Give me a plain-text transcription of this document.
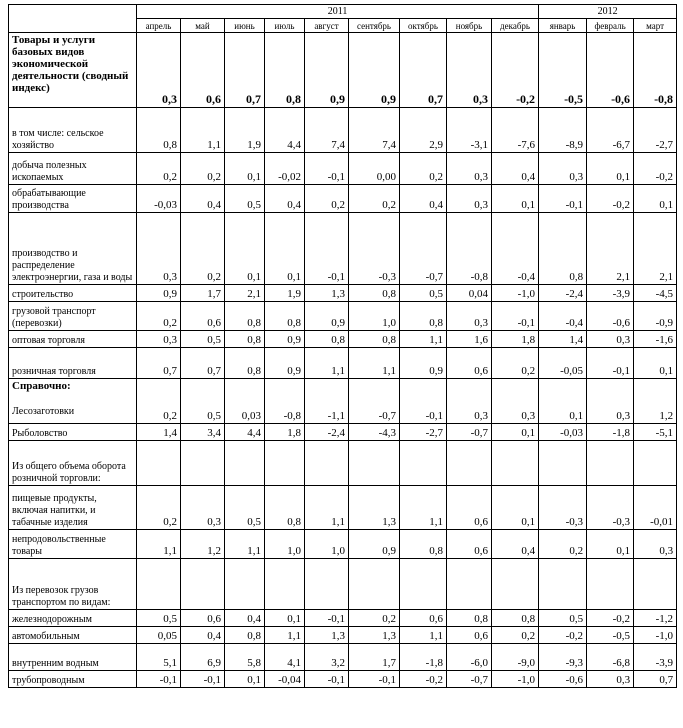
	2011									2012		
	апрель	май	июнь	июль	август	сентябрь	октябрь	ноябрь	декабрь	январь	февраль	март
Товары и услуги базовых видов экономической деятельности (сводный индекс)	0,3	0,6	0,7	0,8	0,9	0,9	0,7	0,3	-0,2	-0,5	-0,6	-0,8
в том числе: сельское хозяйство	0,8	1,1	1,9	4,4	7,4	7,4	2,9	-3,1	-7,6	-8,9	-6,7	-2,7
добыча полезных ископаемых	0,2	0,2	0,1	-0,02	-0,1	0,00	0,2	0,3	0,4	0,3	0,1	-0,2
обрабатывающие производства	-0,03	0,4	0,5	0,4	0,2	0,2	0,4	0,3	0,1	-0,1	-0,2	0,1
производство и распределение электроэнергии, газа и воды	0,3	0,2	0,1	0,1	-0,1	-0,3	-0,7	-0,8	-0,4	0,8	2,1	2,1
строительство	0,9	1,7	2,1	1,9	1,3	0,8	0,5	0,04	-1,0	-2,4	-3,9	-4,5
грузовой транспорт (перевозки)	0,2	0,6	0,8	0,8	0,9	1,0	0,8	0,3	-0,1	-0,4	-0,6	-0,9
оптовая торговля	0,3	0,5	0,8	0,9	0,8	0,8	1,1	1,6	1,8	1,4	0,3	-1,6
розничная торговля	0,7	0,7	0,8	0,9	1,1	1,1	0,9	0,6	0,2	-0,05	-0,1	0,1

Справочно:
Лесозаготовки	0,2	0,5	0,03	-0,8	-1,1	-0,7	-0,1	0,3	0,3	0,1	0,3	1,2
Рыболовство	1,4	3,4	4,4	1,8	-2,4	-4,3	-2,7	-0,7	0,1	-0,03	-1,8	-5,1
Из общего объема оборота розничной торговли:												
пищевые продукты, включая напитки, и табачные изделия	0,2	0,3	0,5	0,8	1,1	1,3	1,1	0,6	0,1	-0,3	-0,3	-0,01
непродовольственные товары	1,1	1,2	1,1	1,0	1,0	0,9	0,8	0,6	0,4	0,2	0,1	0,3
Из перевозок грузов транспортом по видам:												
железнодорожным	0,5	0,6	0,4	0,1	-0,1	0,2	0,6	0,8	0,8	0,5	-0,2	-1,2
автомобильным	0,05	0,4	0,8	1,1	1,3	1,3	1,1	0,6	0,2	-0,2	-0,5	-1,0
внутренним водным	5,1	6,9	5,8	4,1	3,2	1,7	-1,8	-6,0	-9,0	-9,3	-6,8	-3,9
трубопроводным	-0,1	-0,1	0,1	-0,04	-0,1	-0,1	-0,2	-0,7	-1,0	-0,6	0,3	0,7
